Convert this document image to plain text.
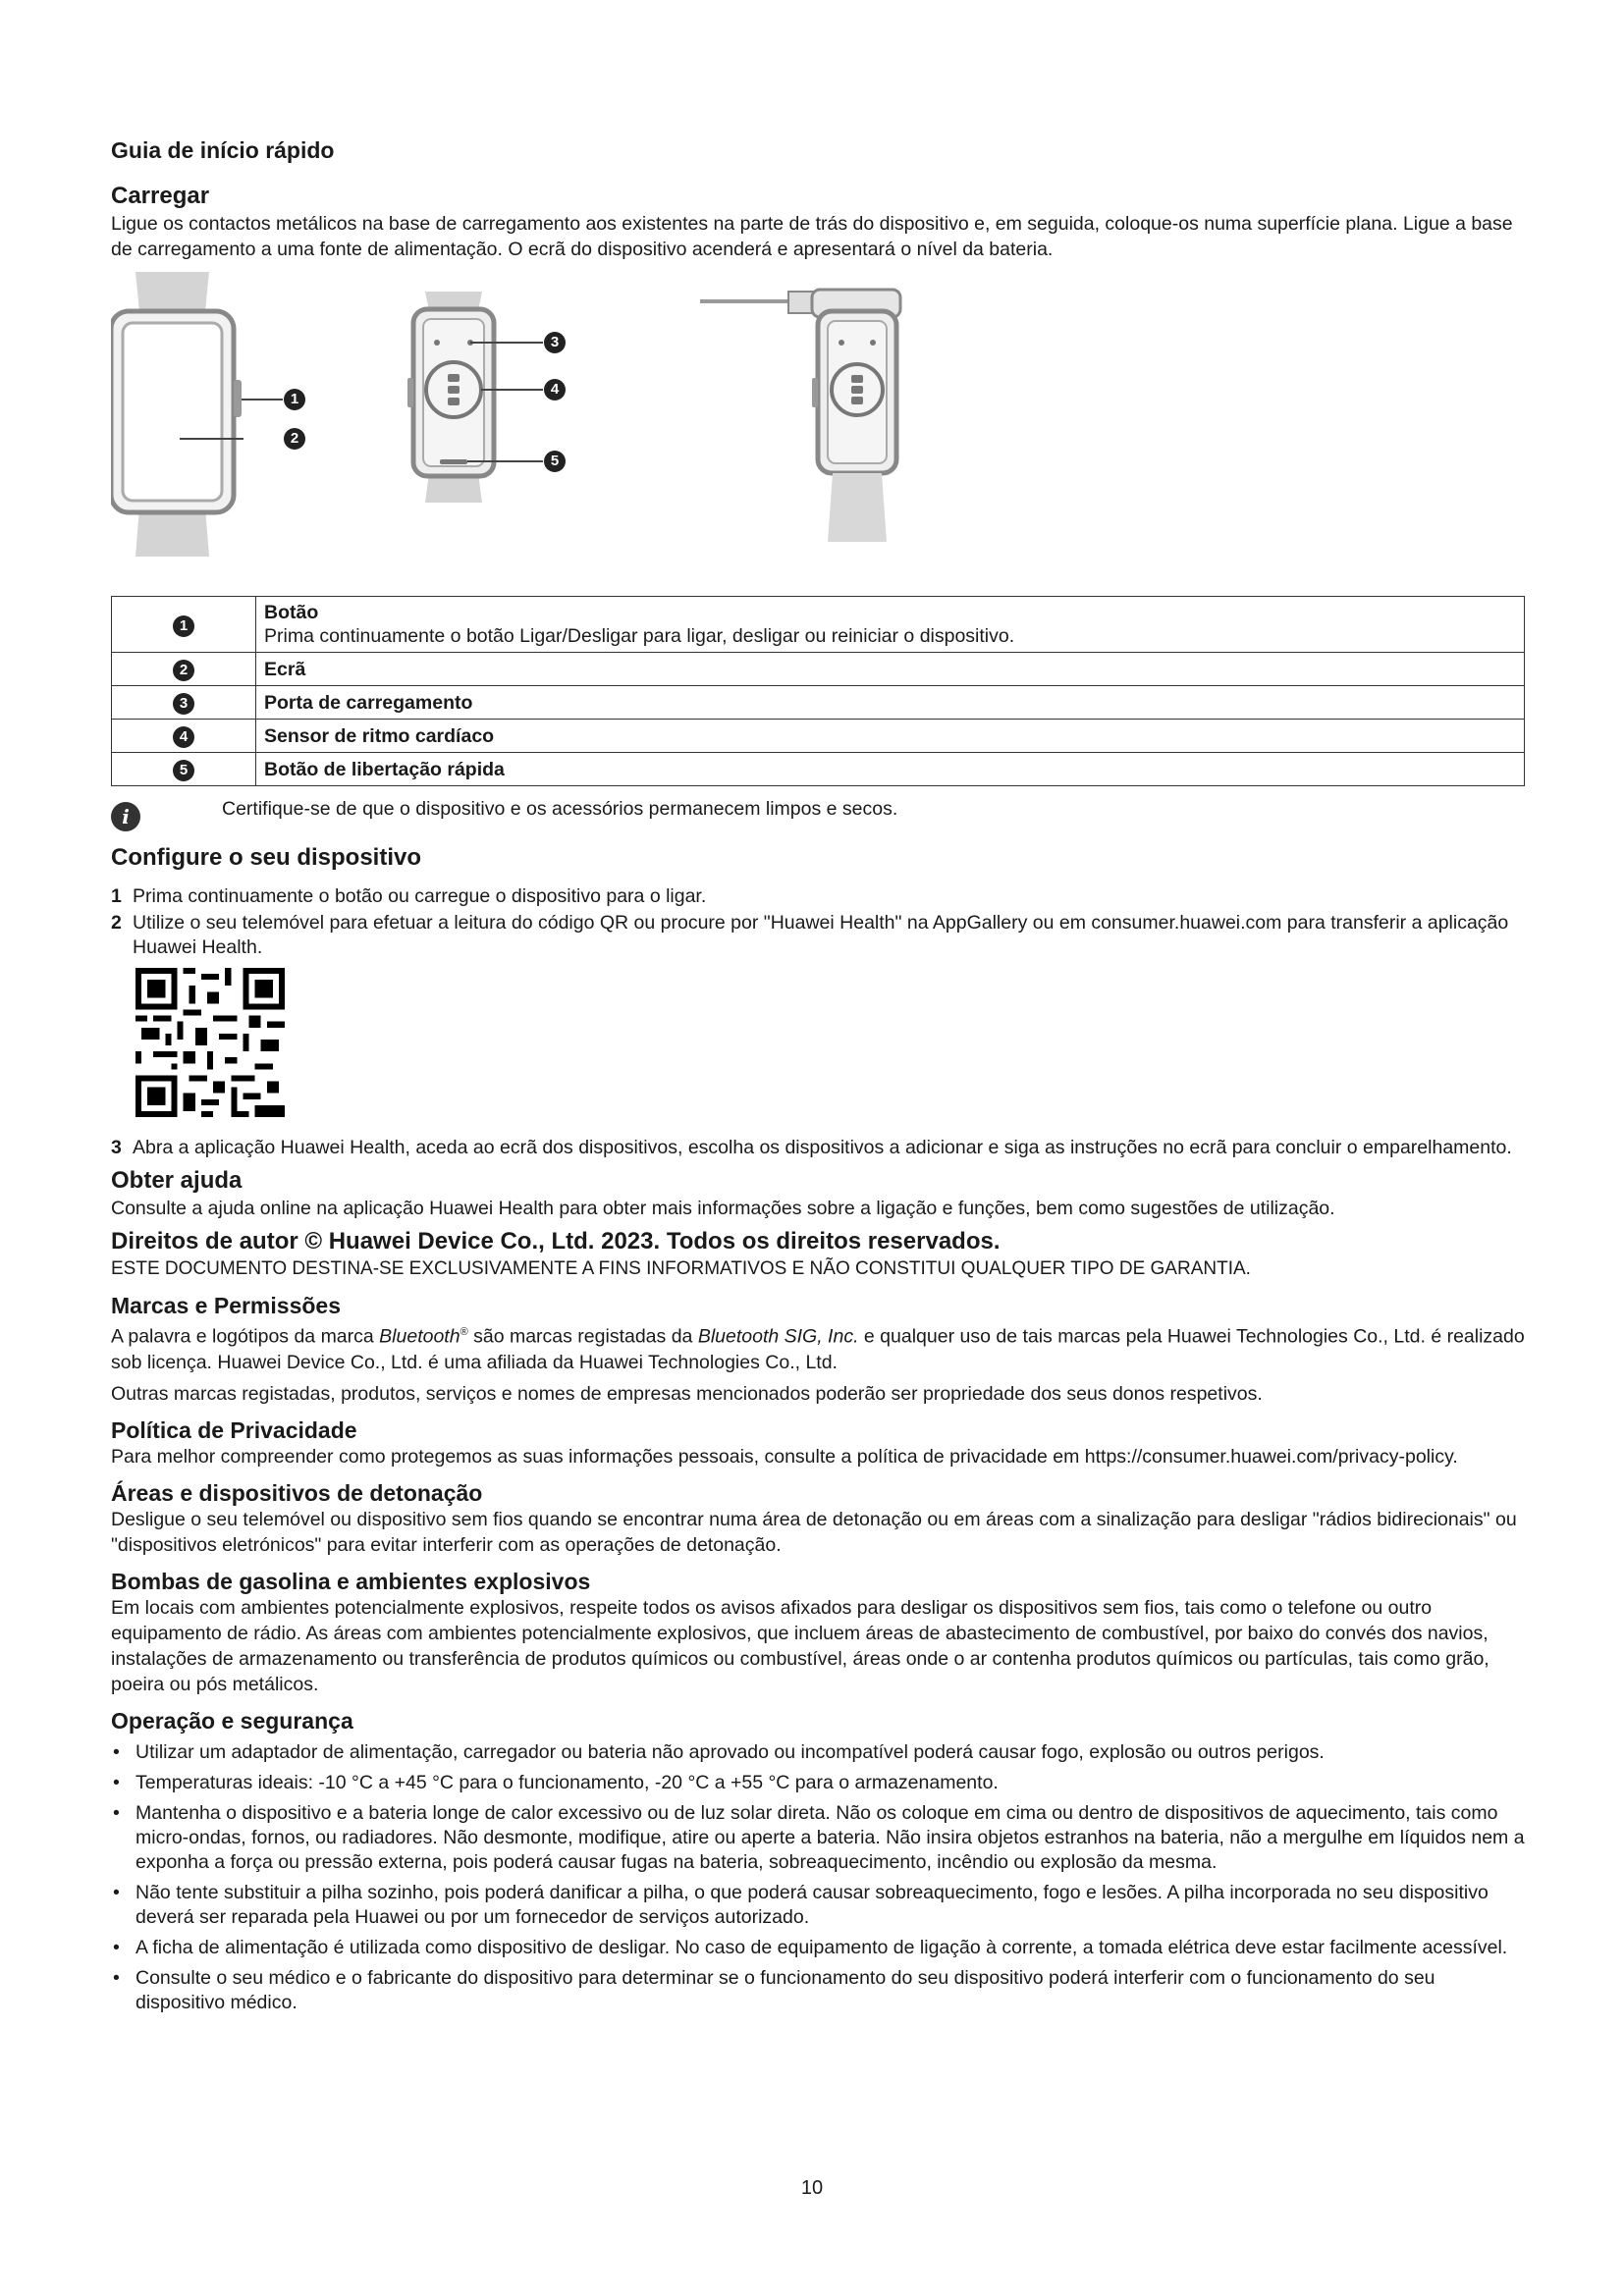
Guia de início rápido
Carregar

Ligue os contactos metálicos na base de carregamento aos existentes na parte de trás do dispositivo e, em seguida, coloque-os numa superfície plana. Ligue a base de carregamento a uma fonte de alimentação. O ecrã do dispositivo acenderá e apresentará o nível da bateria.

1
2
3
4
5
1	Botão
Prima continuamente o botão Ligar/Desligar para ligar, desligar ou reiniciar o dispositivo.

2	Ecrã

3	Porta de carregamento

4	Sensor de ritmo cardíaco

5	Botão de libertação rápida
i	Certifique-se de que o dispositivo e os acessórios permanecem limpos e secos.

Configure o seu dispositivo
1 Prima continuamente o botão ou carregue o dispositivo para o ligar.
2 Utilize o seu telemóvel para efetuar a leitura do código QR ou procure por "Huawei Health" na AppGallery ou em consumer.huawei.com para transferir a aplicação Huawei Health.
3 Abra a aplicação Huawei Health, aceda ao ecrã dos dispositivos, escolha os dispositivos a adicionar e siga as instruções no ecrã para concluir o emparelhamento.
Obter ajuda

Consulte a ajuda online na aplicação Huawei Health para obter mais informações sobre a ligação e funções, bem como sugestões de utilização.

Direitos de autor © Huawei Device Co., Ltd. 2023. Todos os direitos reservados.

ESTE DOCUMENTO DESTINA-SE EXCLUSIVAMENTE A FINS INFORMATIVOS E NÃO CONSTITUI QUALQUER TIPO DE GARANTIA.

Marcas e Permissões

A palavra e logótipos da marca Bluetooth® são marcas registadas da Bluetooth SIG, Inc. e qualquer uso de tais marcas pela Huawei Technologies Co., Ltd. é realizado sob licença. Huawei Device Co., Ltd. é uma afiliada da Huawei Technologies Co., Ltd.

Outras marcas registadas, produtos, serviços e nomes de empresas mencionados poderão ser propriedade dos seus donos respetivos.

Política de Privacidade

Para melhor compreender como protegemos as suas informações pessoais, consulte a política de privacidade em https://consumer.huawei.com/privacy-policy.

Áreas e dispositivos de detonação

Desligue o seu telemóvel ou dispositivo sem fios quando se encontrar numa área de detonação ou em áreas com a sinalização para desligar "rádios bidirecionais" ou "dispositivos eletrónicos" para evitar interferir com as operações de detonação.

Bombas de gasolina e ambientes explosivos

Em locais com ambientes potencialmente explosivos, respeite todos os avisos afixados para desligar os dispositivos sem fios, tais como o telefone ou outro equipamento de rádio. As áreas com ambientes potencialmente explosivos, que incluem áreas de abastecimento de combustível, por baixo do convés dos navios, instalações de armazenamento ou transferência de produtos químicos ou combustível, áreas onde o ar contenha produtos químicos ou partículas, tais como grão, poeira ou pós metálicos.

Operação e segurança
• Utilizar um adaptador de alimentação, carregador ou bateria não aprovado ou incompatível poderá causar fogo, explosão ou outros perigos.
• Temperaturas ideais: -10 °C a +45 °C para o funcionamento, -20 °C a +55 °C para o armazenamento.
• Mantenha o dispositivo e a bateria longe de calor excessivo ou de luz solar direta. Não os coloque em cima ou dentro de dispositivos de aquecimento, tais como micro-ondas, fornos, ou radiadores. Não desmonte, modifique, atire ou aperte a bateria. Não insira objetos estranhos na bateria, não a mergulhe em líquidos nem a exponha a força ou pressão externa, pois poderá causar fugas na bateria, sobreaquecimento, incêndio ou explosão da mesma.
• Não tente substituir a pilha sozinho, pois poderá danificar a pilha, o que poderá causar sobreaquecimento, fogo e lesões. A pilha incorporada no seu dispositivo deverá ser reparada pela Huawei ou por um fornecedor de serviços autorizado.
• A ficha de alimentação é utilizada como dispositivo de desligar. No caso de equipamento de ligação à corrente, a tomada elétrica deve estar facilmente acessível.
• Consulte o seu médico e o fabricante do dispositivo para determinar se o funcionamento do seu dispositivo poderá interferir com o funcionamento do seu dispositivo médico.
10
